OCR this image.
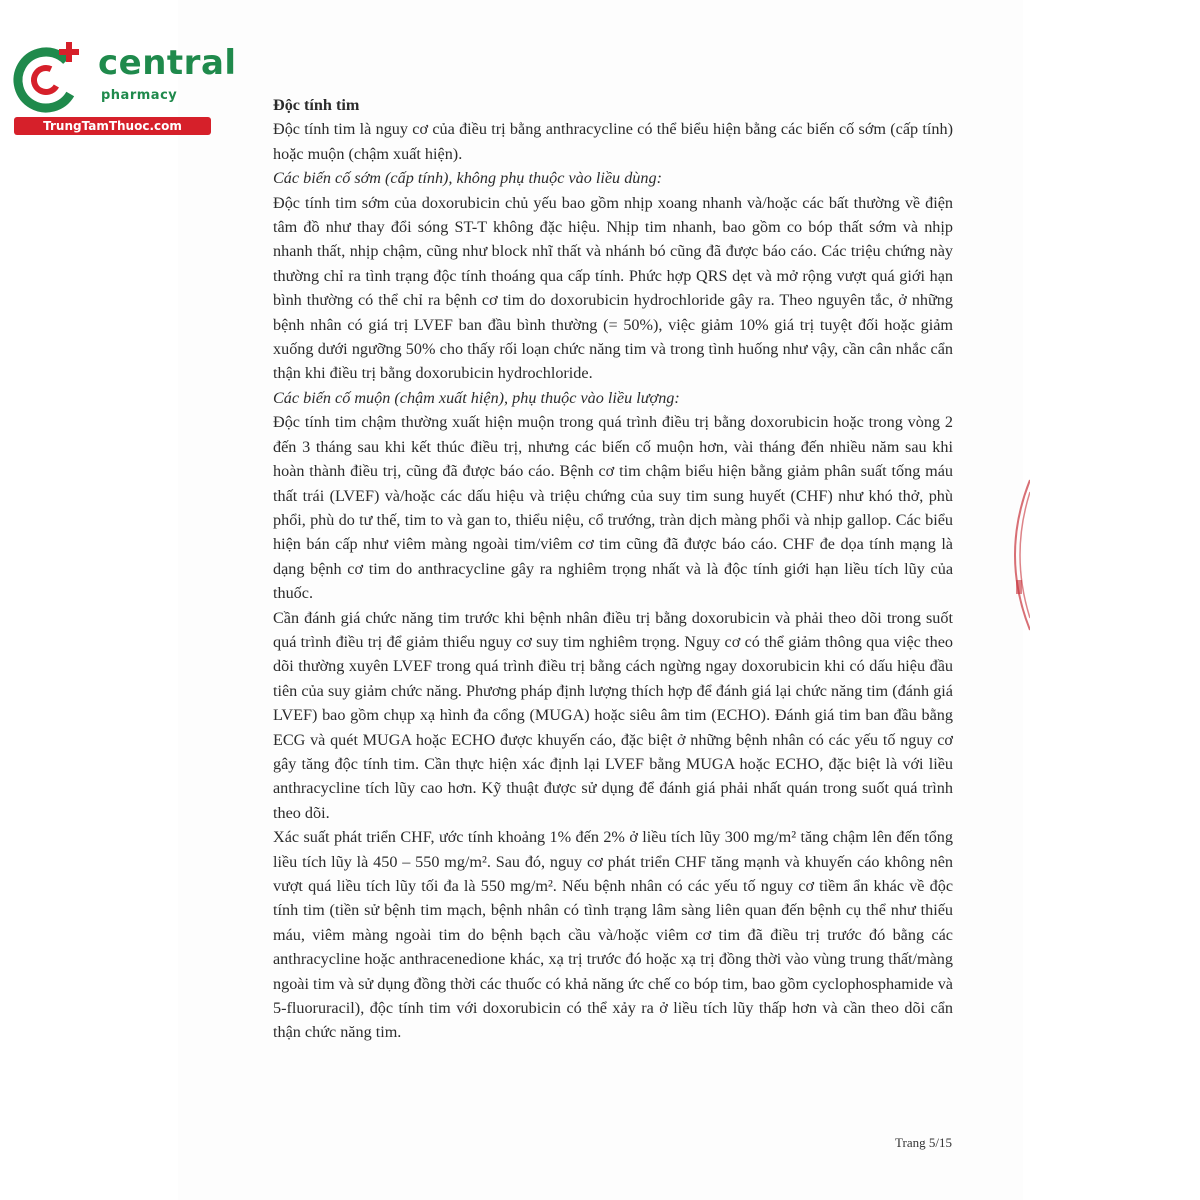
central
pharmacy
TrungTamThuoc.com

Độc tính tim

Độc tính tim là nguy cơ của điều trị bằng anthracycline có thể biểu hiện bằng các biến cố sớm (cấp tính) hoặc muộn (chậm xuất hiện).

Các biến cố sớm (cấp tính), không phụ thuộc vào liều dùng:

Độc tính tim sớm của doxorubicin chủ yếu bao gồm nhịp xoang nhanh và/hoặc các bất thường về điện tâm đồ như thay đổi sóng ST-T không đặc hiệu. Nhịp tim nhanh, bao gồm co bóp thất sớm và nhịp nhanh thất, nhịp chậm, cũng như block nhĩ thất và nhánh bó cũng đã được báo cáo. Các triệu chứng này thường chỉ ra tình trạng độc tính thoáng qua cấp tính. Phức hợp QRS dẹt và mở rộng vượt quá giới hạn bình thường có thể chỉ ra bệnh cơ tim do doxorubicin hydrochloride gây ra. Theo nguyên tắc, ở những bệnh nhân có giá trị LVEF ban đầu bình thường (= 50%), việc giảm 10% giá trị tuyệt đối hoặc giảm xuống dưới ngưỡng 50% cho thấy rối loạn chức năng tim và trong tình huống như vậy, cần cân nhắc cẩn thận khi điều trị bằng doxorubicin hydrochloride.

Các biến cố muộn (chậm xuất hiện), phụ thuộc vào liều lượng:

Độc tính tim chậm thường xuất hiện muộn trong quá trình điều trị bằng doxorubicin hoặc trong vòng 2 đến 3 tháng sau khi kết thúc điều trị, nhưng các biến cố muộn hơn, vài tháng đến nhiều năm sau khi hoàn thành điều trị, cũng đã được báo cáo. Bệnh cơ tim chậm biểu hiện bằng giảm phân suất tống máu thất trái (LVEF) và/hoặc các dấu hiệu và triệu chứng của suy tim sung huyết (CHF) như khó thở, phù phổi, phù do tư thế, tim to và gan to, thiểu niệu, cổ trướng, tràn dịch màng phổi và nhịp gallop. Các biểu hiện bán cấp như viêm màng ngoài tim/viêm cơ tim cũng đã được báo cáo. CHF đe dọa tính mạng là dạng bệnh cơ tim do anthracycline gây ra nghiêm trọng nhất và là độc tính giới hạn liều tích lũy của thuốc.

Cần đánh giá chức năng tim trước khi bệnh nhân điều trị bằng doxorubicin và phải theo dõi trong suốt quá trình điều trị để giảm thiểu nguy cơ suy tim nghiêm trọng. Nguy cơ có thể giảm thông qua việc theo dõi thường xuyên LVEF trong quá trình điều trị bằng cách ngừng ngay doxorubicin khi có dấu hiệu đầu tiên của suy giảm chức năng. Phương pháp định lượng thích hợp để đánh giá lại chức năng tim (đánh giá LVEF) bao gồm chụp xạ hình đa cổng (MUGA) hoặc siêu âm tim (ECHO). Đánh giá tim ban đầu bằng ECG và quét MUGA hoặc ECHO được khuyến cáo, đặc biệt ở những bệnh nhân có các yếu tố nguy cơ gây tăng độc tính tim. Cần thực hiện xác định lại LVEF bằng MUGA hoặc ECHO, đặc biệt là với liều anthracycline tích lũy cao hơn. Kỹ thuật được sử dụng để đánh giá phải nhất quán trong suốt quá trình theo dõi.

Xác suất phát triển CHF, ước tính khoảng 1% đến 2% ở liều tích lũy 300 mg/m² tăng chậm lên đến tổng liều tích lũy là 450 – 550 mg/m². Sau đó, nguy cơ phát triển CHF tăng mạnh và khuyến cáo không nên vượt quá liều tích lũy tối đa là 550 mg/m². Nếu bệnh nhân có các yếu tố nguy cơ tiềm ẩn khác về độc tính tim (tiền sử bệnh tim mạch, bệnh nhân có tình trạng lâm sàng liên quan đến bệnh cụ thể như thiếu máu, viêm màng ngoài tim do bệnh bạch cầu và/hoặc viêm cơ tim đã điều trị trước đó bằng các anthracycline hoặc anthracenedione khác, xạ trị trước đó hoặc xạ trị đồng thời vào vùng trung thất/màng ngoài tim và sử dụng đồng thời các thuốc có khả năng ức chế co bóp tim, bao gồm cyclophosphamide và 5-fluoruracil), độc tính tim với doxorubicin có thể xảy ra ở liều tích lũy thấp hơn và cần theo dõi cẩn thận chức năng tim.

Trang 5/15
